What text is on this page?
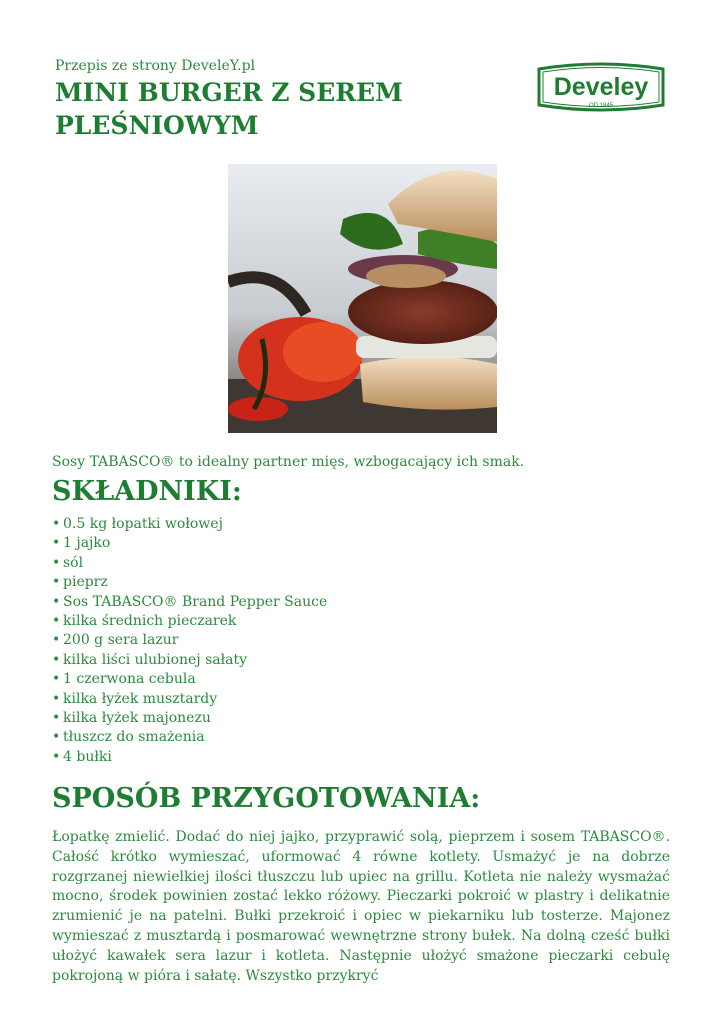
Przepis ze strony DeveleY.pl
MINI BURGER Z SEREM PLEŚNIOWYM
Develey
OD 1845
Sosy TABASCO® to idealny partner mięs, wzbogacający ich smak.
SKŁADNIKI:
• 0.5 kg łopatki wołowej
• 1 jajko
• sól
• pieprz
• Sos TABASCO® Brand Pepper Sauce
• kilka średnich pieczarek
• 200 g sera lazur
• kilka liści ulubionej sałaty
• 1 czerwona cebula
• kilka łyżek musztardy
• kilka łyżek majonezu
• tłuszcz do smażenia
• 4 bułki
SPOSÓB PRZYGOTOWANIA:

Łopatkę zmielić. Dodać do niej jajko, przyprawić solą, pieprzem i sosem TABASCO®. Całość krótko wymieszać, uformować 4 równe kotlety. Usmażyć je na dobrze rozgrzanej niewielkiej ilości tłuszczu lub upiec na grillu. Kotleta nie należy wysmażać mocno, środek powinien zostać lekko różowy. Pieczarki pokroić w plastry i delikatnie zrumienić je na patelni. Bułki przekroić i opiec w piekarniku lub tosterze. Majonez wymieszać z musztardą i posmarować wewnętrzne strony bułek. Na dolną cześć bułki ułożyć kawałek sera lazur i kotleta. Następnie ułożyć smażone pieczarki cebulę pokrojoną w pióra i sałatę. Wszystko przykryć
